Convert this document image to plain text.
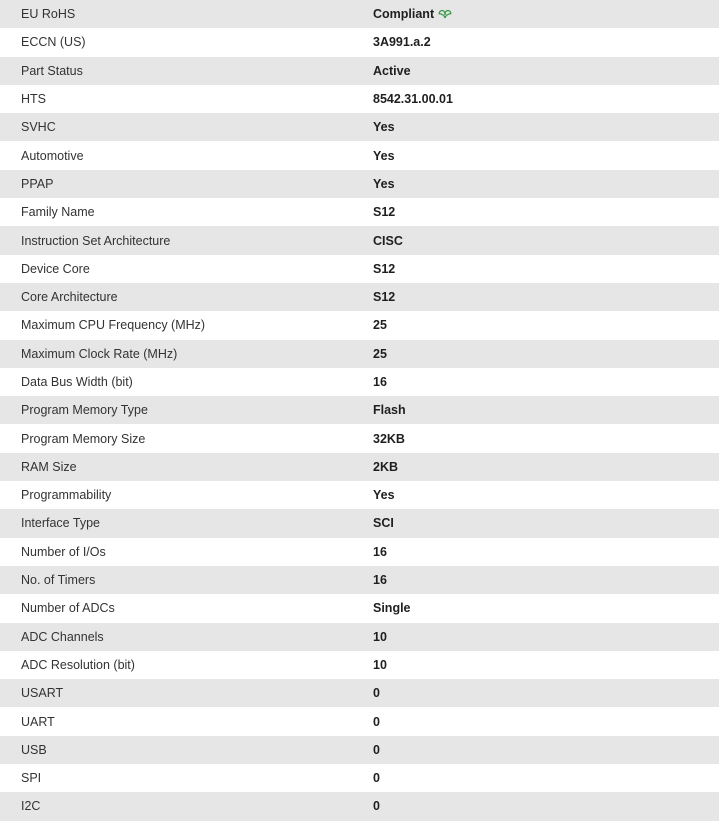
EU RoHS	Compliant
ECCN (US)	3A991.a.2
Part Status	Active
HTS	8542.31.00.01
SVHC	Yes
Automotive	Yes
PPAP	Yes
Family Name	S12
Instruction Set Architecture	CISC
Device Core	S12
Core Architecture	S12
Maximum CPU Frequency (MHz)	25
Maximum Clock Rate (MHz)	25
Data Bus Width (bit)	16
Program Memory Type	Flash
Program Memory Size	32KB
RAM Size	2KB
Programmability	Yes
Interface Type	SCI
Number of I/Os	16
No. of Timers	16
Number of ADCs	Single
ADC Channels	10
ADC Resolution (bit)	10
USART	0
UART	0
USB	0
SPI	0
I2C	0
